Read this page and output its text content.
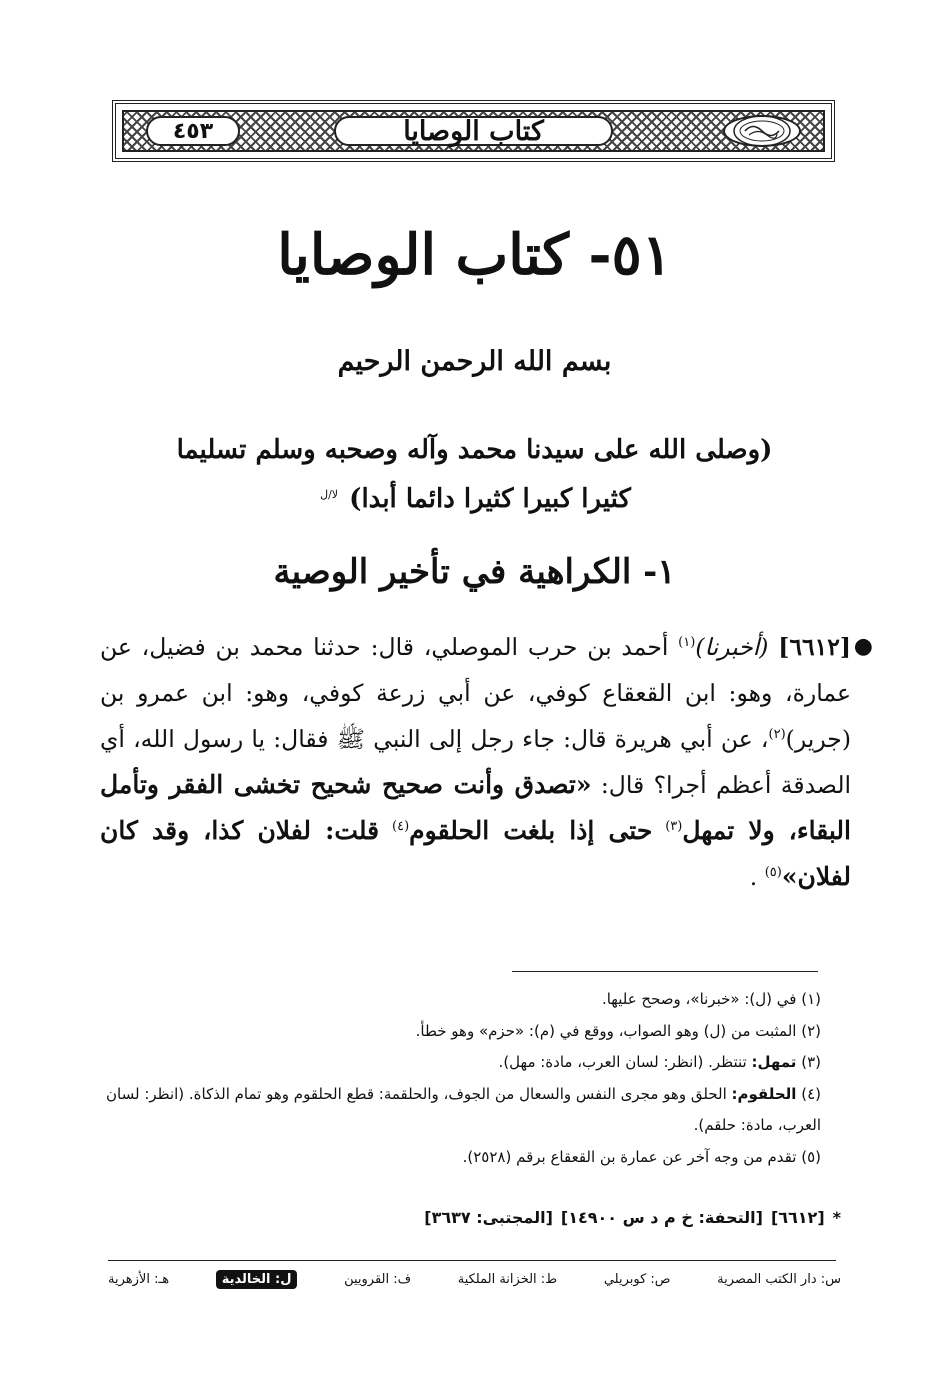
كتاب الوصايا
٤٥٣
٥١- كتاب الوصايا
بسم الله الرحمن الرحيم
(وصلى الله على سيدنا محمد وآله وصحبه وسلم تسليما
كثيرا كبيرا كثيرا دائما أبدا) $^{لا/ل}$
١- الكراهية في تأخير الوصية
●
[٦٦١٢] (أخبرنا)$^{(١)}$ أحمد بن حرب الموصلي، قال: حدثنا محمد بن فضيل، عن عمارة، وهو: ابن القعقاع كوفي، عن أبي زرعة كوفي، وهو: ابن عمرو بن (جرير)$^{(٢)}$، عن أبي هريرة قال: جاء رجل إلى النبي ﷺ فقال: يا رسول الله، أي الصدقة أعظم أجرا؟ قال: «تصدق وأنت صحيح شحيح تخشى الفقر وتأمل البقاء، ولا تمهل$^{(٣)}$ حتى إذا بلغت الحلقوم$^{(٤)}$ قلت: لفلان كذا، وقد كان لفلان»$^{(٥)}$ .

(١) في (ل): «خبرنا»، وصحح عليها.

(٢) المثبت من (ل) وهو الصواب، ووقع في (م): «حزم» وهو خطأ.

(٣) تمهل: تنتظر. (انظر: لسان العرب، مادة: مهل).

(٤) الحلقوم: الحلق وهو مجرى النفس والسعال من الجوف، والحلقمة: قطع الحلقوم وهو تمام الذكاة. (انظر: لسان العرب، مادة: حلقم).

(٥) تقدم من وجه آخر عن عمارة بن القعقاع برقم (٢٥٢٨).

*
[٦٦١٢]
[التحفة: خ م د س ١٤٩٠٠]
[المجتبى: ٣٦٣٧]
س: دار الكتب المصرية
ص: كوبريلي
ط: الخزانة الملكية
ف: القرويين
ل: الخالدية
هـ: الأزهرية
